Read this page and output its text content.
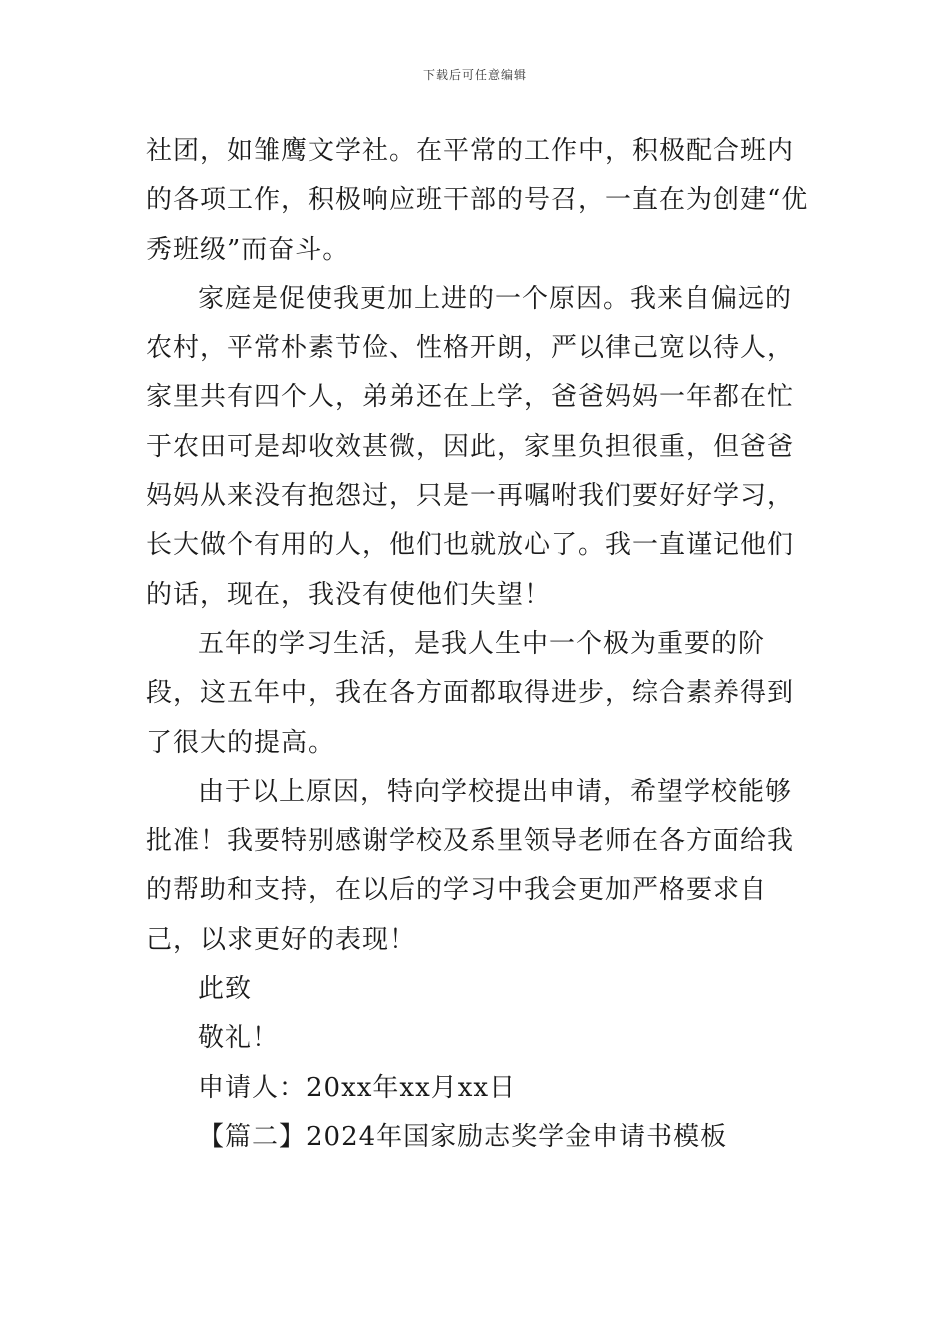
下载后可任意编辑

社团，如雏鹰文学社。在平常的工作中，积极配合班内的各项工作，积极响应班干部的号召，一直在为创建“优秀班级”而奋斗。

家庭是促使我更加上进的一个原因。我来自偏远的农村，平常朴素节俭、性格开朗，严以律己宽以待人，家里共有四个人，弟弟还在上学，爸爸妈妈一年都在忙于农田可是却收效甚微，因此，家里负担很重，但爸爸妈妈从来没有抱怨过，只是一再嘱咐我们要好好学习，长大做个有用的人，他们也就放心了。我一直谨记他们的话，现在，我没有使他们失望！

五年的学习生活，是我人生中一个极为重要的阶段，这五年中，我在各方面都取得进步，综合素养得到了很大的提高。

由于以上原因，特向学校提出申请，希望学校能够批准！我要特别感谢学校及系里领导老师在各方面给我的帮助和支持，在以后的学习中我会更加严格要求自己，以求更好的表现！

此致

敬礼！

申请人：20xx年xx月xx日

【篇二】2024年国家励志奖学金申请书模板
